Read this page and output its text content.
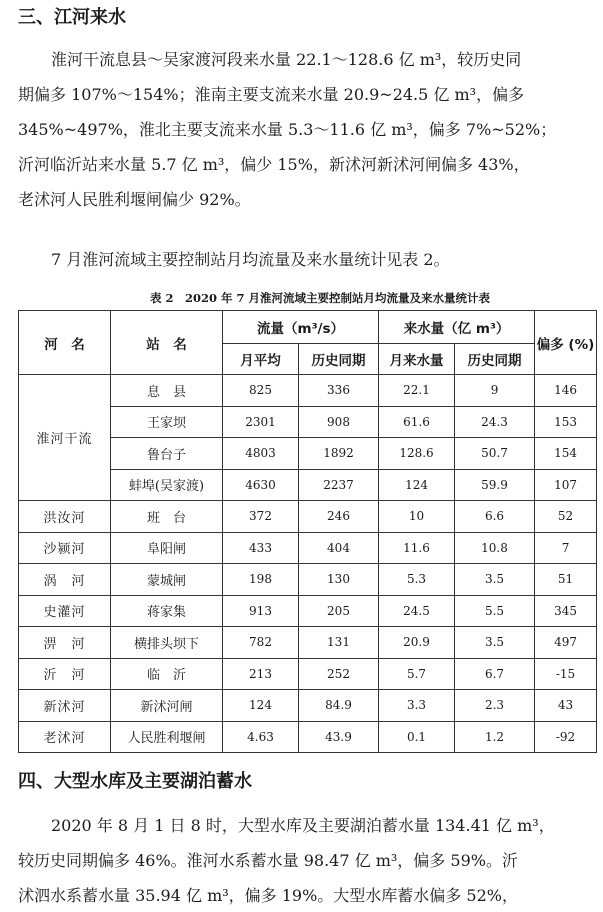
三、江河来水
淮河干流息县～吴家渡河段来水量 22.1～128.6 亿 m³，较历史同
期偏多 107%～154%；淮南主要支流来水量 20.9~24.5 亿 m³，偏多
345%~497%，淮北主要支流来水量 5.3～11.6 亿 m³，偏多 7%~52%；
沂河临沂站来水量 5.7 亿 m³，偏少 15%，新沭河新沭河闸偏多 43%，
老沭河人民胜利堰闸偏少 92%。
7 月淮河流域主要控制站月均流量及来水量统计见表 2。
表 2　2020 年 7 月淮河流域主要控制站月均流量及来水量统计表
河　名	站　名	流量（m³/s）		来水量（亿 m³）		偏多 (%)
		月平均	历史同期	月来水量	历史同期	
淮河干流	息　县	825	336	22.1	9	146
	王家坝	2301	908	61.6	24.3	153
	鲁台子	4803	1892	128.6	50.7	154
	蚌埠(吴家渡)	4630	2237	124	59.9	107
洪汝河	班　台	372	246	10	6.6	52
沙颍河	阜阳闸	433	404	11.6	10.8	7
涡　河	蒙城闸	198	130	5.3	3.5	51
史灌河	蒋家集	913	205	24.5	5.5	345
淠　河	横排头坝下	782	131	20.9	3.5	497
沂　河	临　沂	213	252	5.7	6.7	-15
新沭河	新沭河闸	124	84.9	3.3	2.3	43
老沭河	人民胜利堰闸	4.63	43.9	0.1	1.2	-92
四、大型水库及主要湖泊蓄水
2020 年 8 月 1 日 8 时，大型水库及主要湖泊蓄水量 134.41 亿 m³，
较历史同期偏多 46%。淮河水系蓄水量 98.47 亿 m³，偏多 59%。沂
沭泗水系蓄水量 35.94 亿 m³，偏多 19%。大型水库蓄水偏多 52%，
